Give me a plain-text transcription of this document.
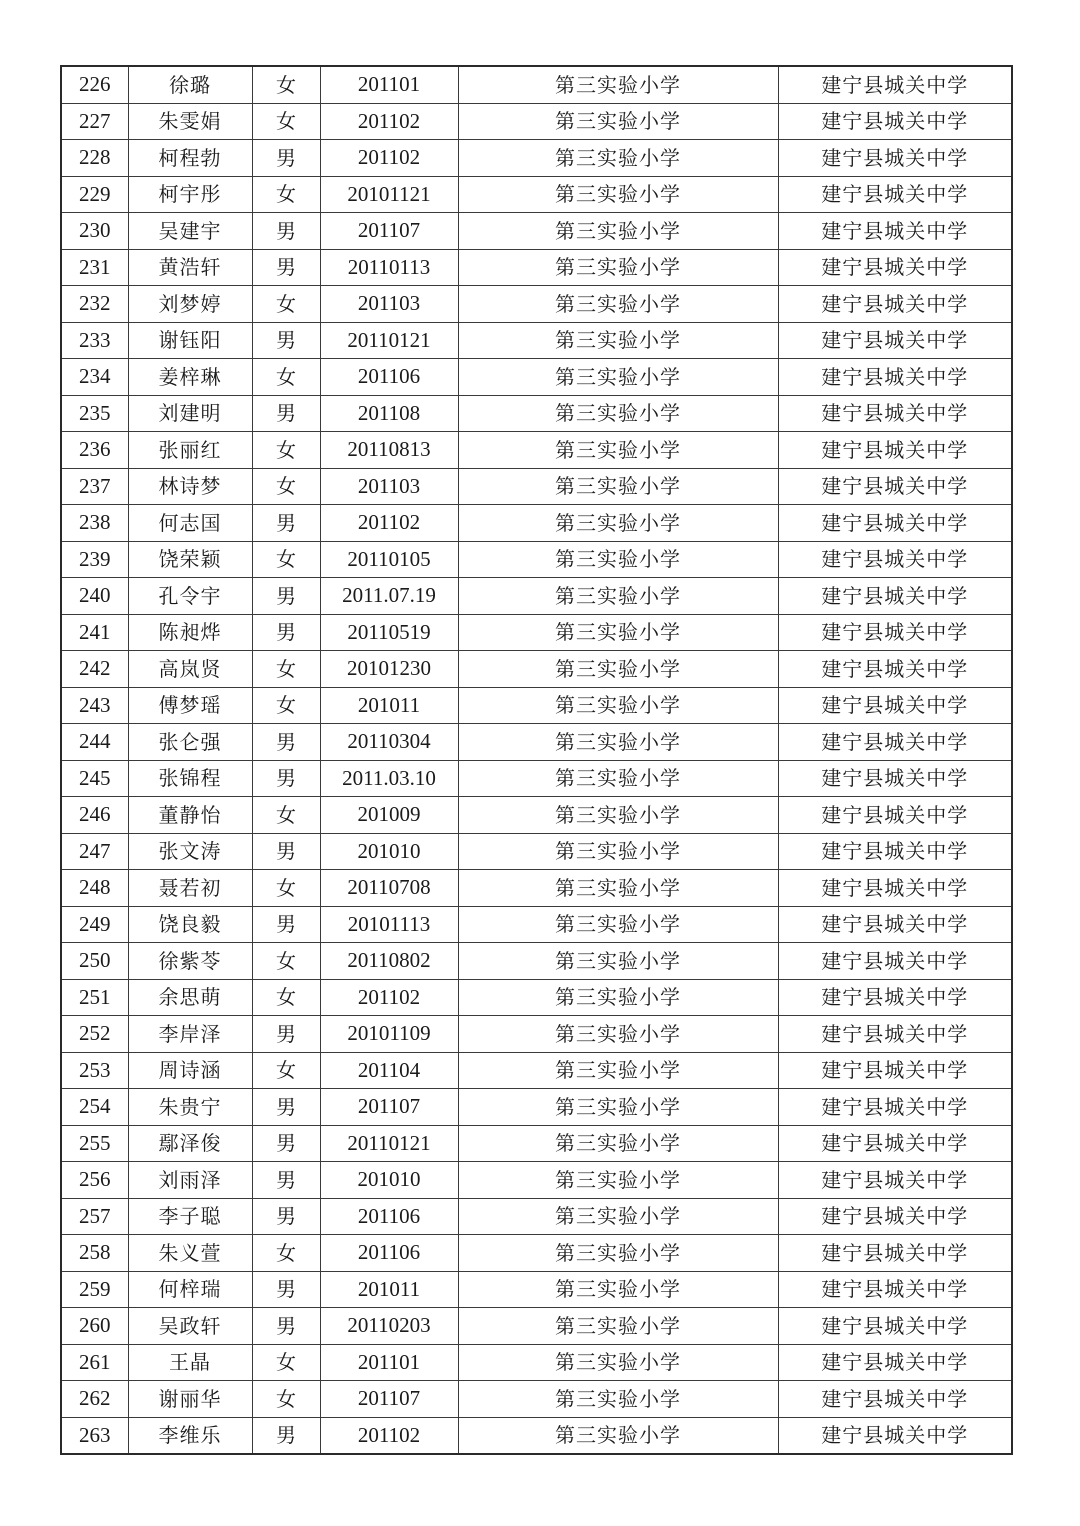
226	徐璐	女	201101	第三实验小学	建宁县城关中学
227	朱雯娟	女	201102	第三实验小学	建宁县城关中学
228	柯程勃	男	201102	第三实验小学	建宁县城关中学
229	柯宇彤	女	20101121	第三实验小学	建宁县城关中学
230	吴建宇	男	201107	第三实验小学	建宁县城关中学
231	黄浩轩	男	20110113	第三实验小学	建宁县城关中学
232	刘梦婷	女	201103	第三实验小学	建宁县城关中学
233	谢钰阳	男	20110121	第三实验小学	建宁县城关中学
234	姜梓琳	女	201106	第三实验小学	建宁县城关中学
235	刘建明	男	201108	第三实验小学	建宁县城关中学
236	张丽红	女	20110813	第三实验小学	建宁县城关中学
237	林诗梦	女	201103	第三实验小学	建宁县城关中学
238	何志国	男	201102	第三实验小学	建宁县城关中学
239	饶荣颖	女	20110105	第三实验小学	建宁县城关中学
240	孔令宇	男	2011.07.19	第三实验小学	建宁县城关中学
241	陈昶烨	男	20110519	第三实验小学	建宁县城关中学
242	高岚贤	女	20101230	第三实验小学	建宁县城关中学
243	傅梦瑶	女	201011	第三实验小学	建宁县城关中学
244	张仑强	男	20110304	第三实验小学	建宁县城关中学
245	张锦程	男	2011.03.10	第三实验小学	建宁县城关中学
246	董静怡	女	201009	第三实验小学	建宁县城关中学
247	张文涛	男	201010	第三实验小学	建宁县城关中学
248	聂若初	女	20110708	第三实验小学	建宁县城关中学
249	饶良毅	男	20101113	第三实验小学	建宁县城关中学
250	徐紫苓	女	20110802	第三实验小学	建宁县城关中学
251	余思萌	女	201102	第三实验小学	建宁县城关中学
252	李岸泽	男	20101109	第三实验小学	建宁县城关中学
253	周诗涵	女	201104	第三实验小学	建宁县城关中学
254	朱贵宁	男	201107	第三实验小学	建宁县城关中学
255	鄢泽俊	男	20110121	第三实验小学	建宁县城关中学
256	刘雨泽	男	201010	第三实验小学	建宁县城关中学
257	李子聪	男	201106	第三实验小学	建宁县城关中学
258	朱义萱	女	201106	第三实验小学	建宁县城关中学
259	何梓瑞	男	201011	第三实验小学	建宁县城关中学
260	吴政轩	男	20110203	第三实验小学	建宁县城关中学
261	王晶	女	201101	第三实验小学	建宁县城关中学
262	谢丽华	女	201107	第三实验小学	建宁县城关中学
263	李维乐	男	201102	第三实验小学	建宁县城关中学
